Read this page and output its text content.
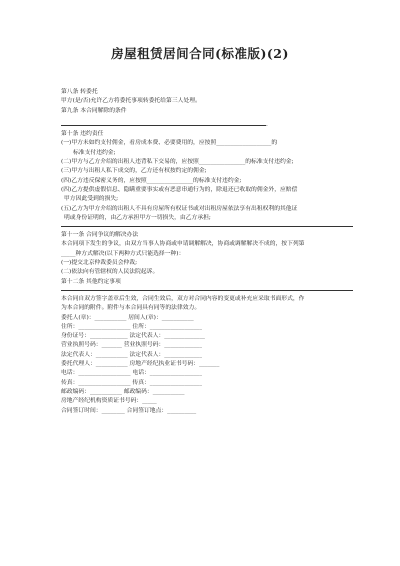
房屋租赁居间合同(标准版)(2)
第八条 转委托
甲方(是/否)允许乙方将委托事项转委托给第三人处理。
第九条 本合同解除的条件
.
第十条 违约责任
(一)甲方未如约支付佣金，看房成本费、必要费用的，应按照___________________的
标准支付违约金;
(二)甲方与乙方介绍的出租人违背私下交易的，应按照________________的标准支付违约金;
(三)甲方与出租人私下成交的，乙方还有权按约定的佣金;
(四)乙方违反保密义务的，应按照________________的标准支付违约金;
(四)乙方提供虚假信息、隐瞒重要事实或有恶意串通行为的，除退还已收取的佣金外，应赔偿
甲方因此受到的损失;
(五)乙方为甲方介绍的出租人不具有房屋所有权证书或对出租房屋依法享有出租权利的其他证
明或身份证明的，由乙方承担甲方一切损失，由乙方承担;
第十一条 合同争议的解决办法
本合同项下发生的争议，由双方当事人协商或申请调解解决，协商或调解解决不成的，按下列第
_____种方式解决(以下两种方式只能选择一种)：
(一)提交北京仲裁委员会仲裁;
(二)依法向有管辖权的人民法院起诉。
第十二条 其他约定事项
本合同自双方签字盖章后生效，合同生效后，双方对合同内容的变更或补充应采取书面形式，作
为本合同的附件。附件与本合同具有同等的法律效力。
委托人(章)：___________ 居间人(章)：___________
住所：__________________ 住所：__________________
身份证号：_____________ 法定代表人：______________
营业执照号码：_______ 营业执照号码：_____________
法定代表人：___________ 法定代表人：_____________
委托代理人：___________ 房地产经纪执业证书号码：_______
电话：__________________ 电话：__________________
传真：__________________ 传真：__________________
邮政编码：___________ 邮政编码：___________
房地产经纪机构资质证书号码：_____
合同签订时间：________ 合同签订地点：__________
